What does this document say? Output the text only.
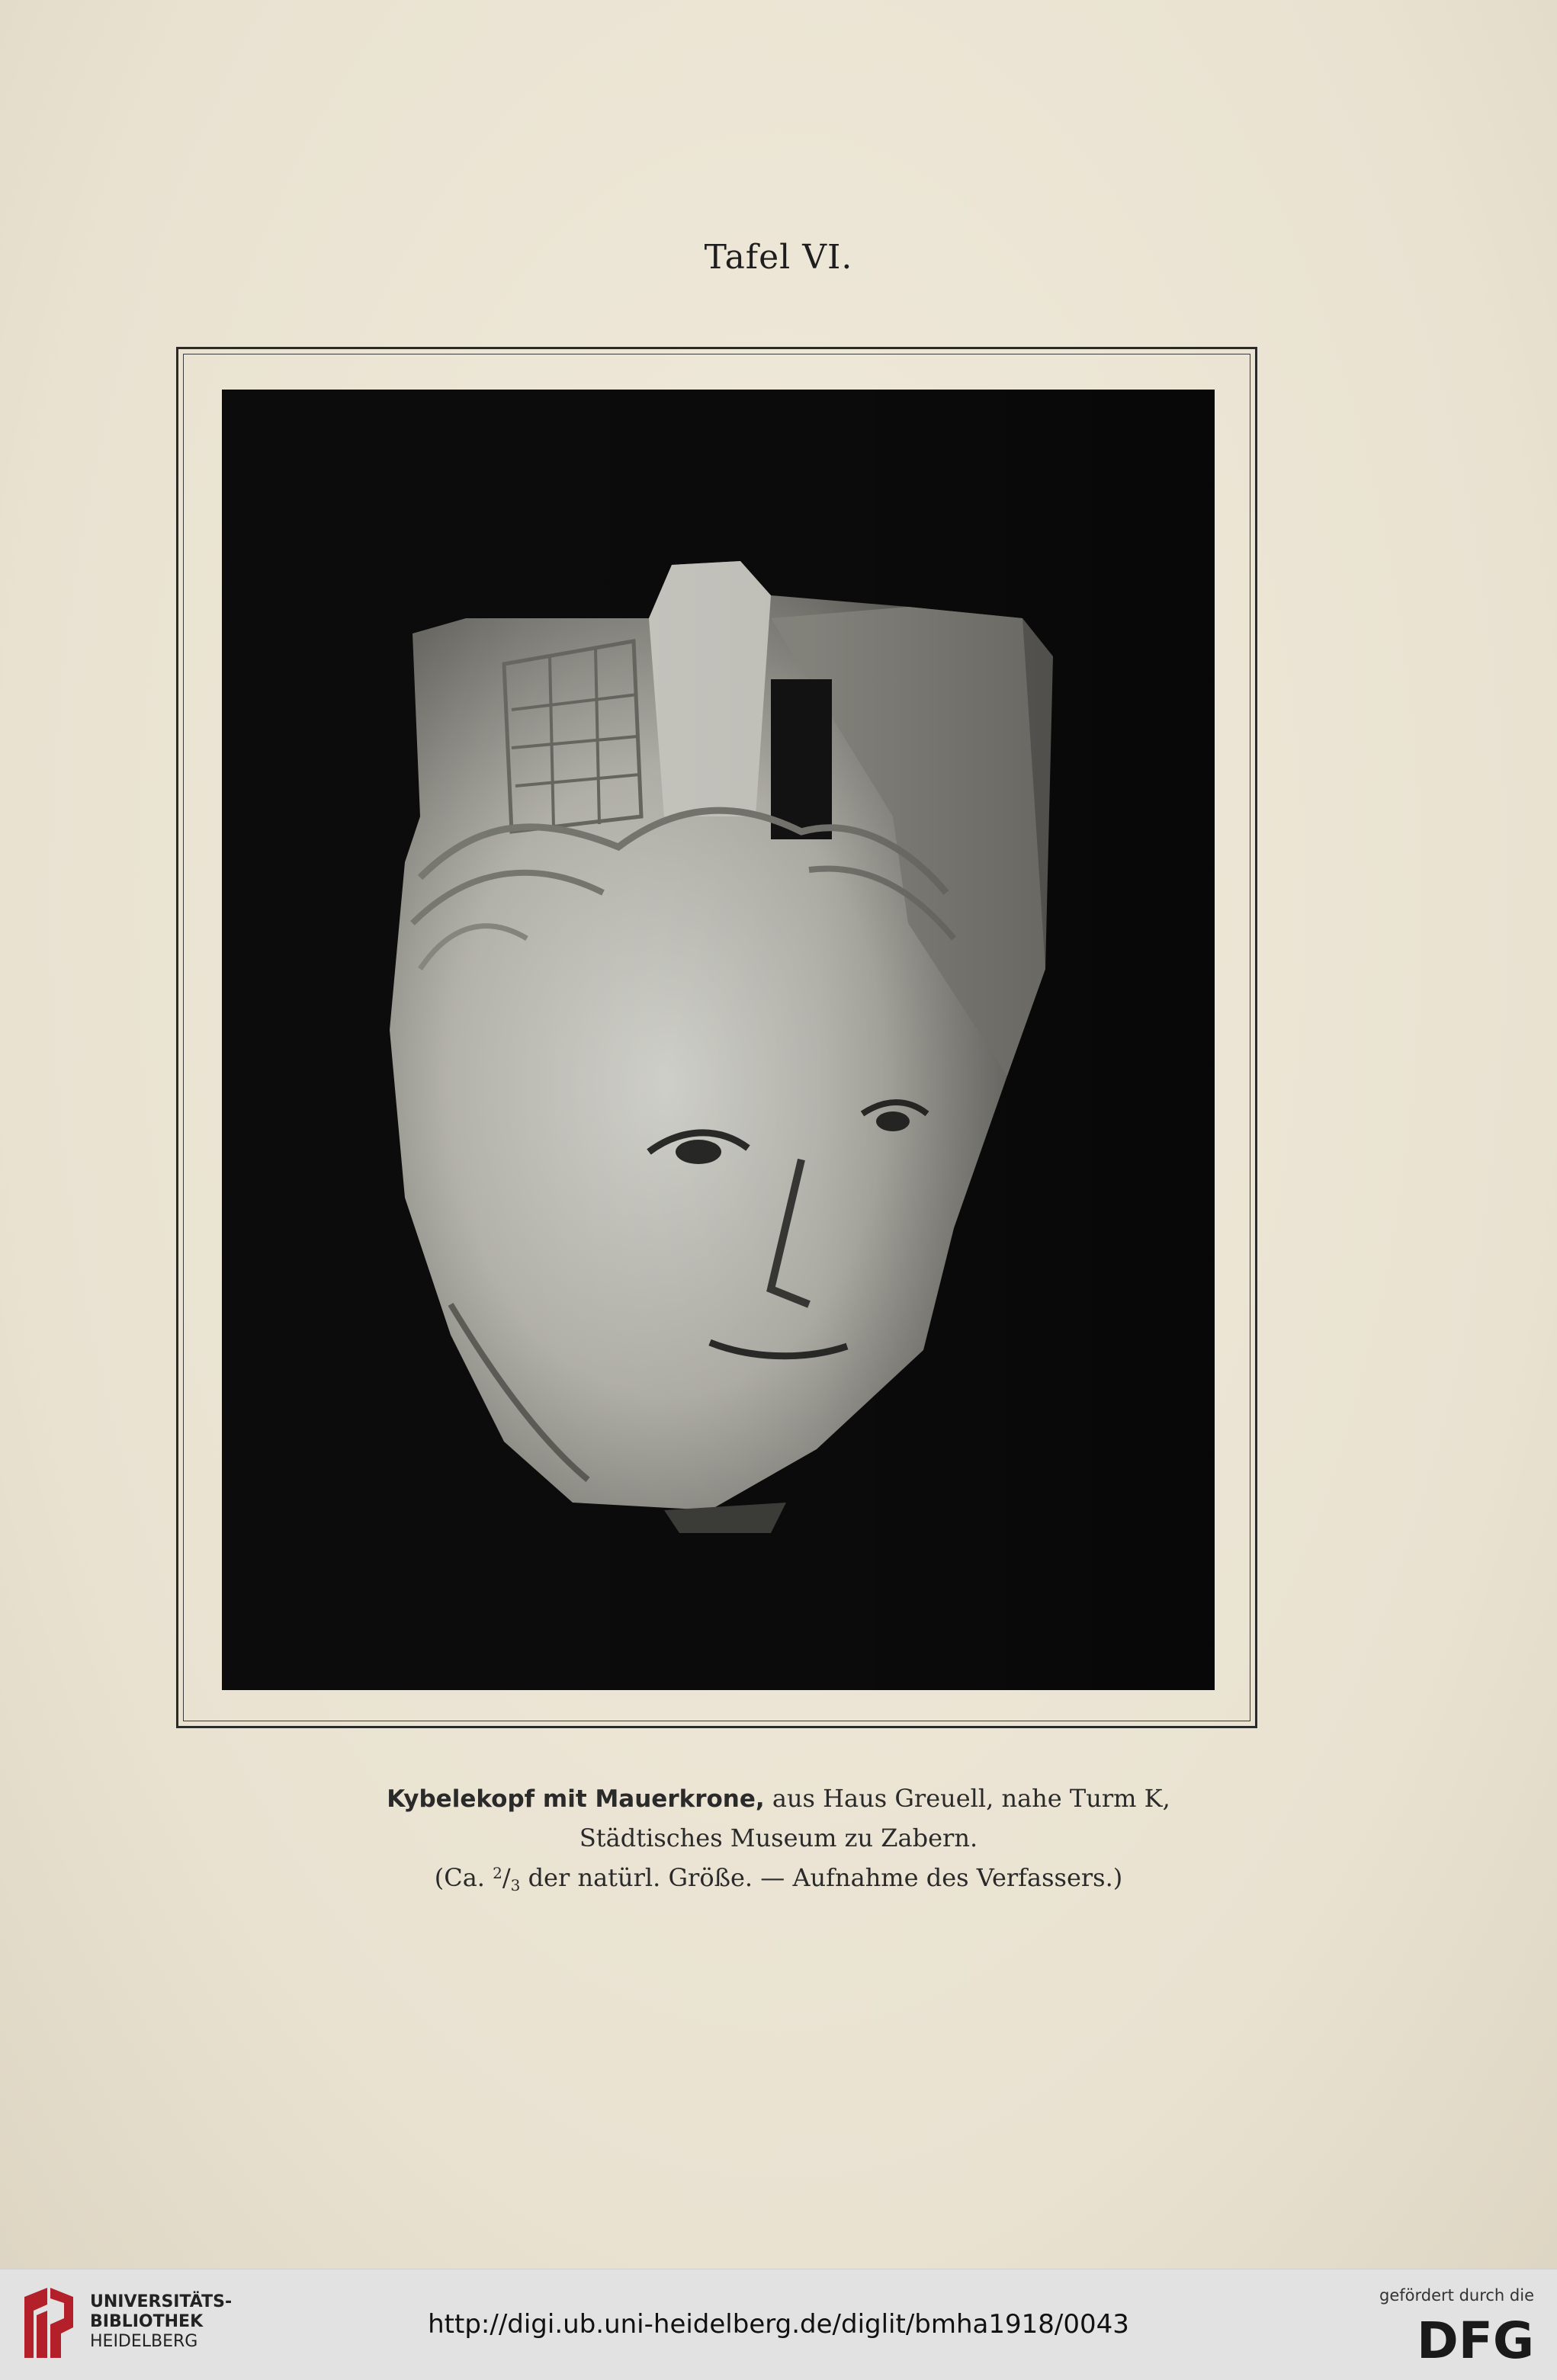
Tafel VI.
Kybelekopf mit Mauerkrone, aus Haus Greuell, nahe Turm K,
Städtisches Museum zu Zabern.
(Ca. $^2/_3$ der natürl. Größe. — Aufnahme des Verfassers.)
UNIVERSITÄTS-
BIBLIOTHEK
HEIDELBERG
http://digi.ub.uni-heidelberg.de/diglit/bmha1918/0043
gefördert durch die
DFG
